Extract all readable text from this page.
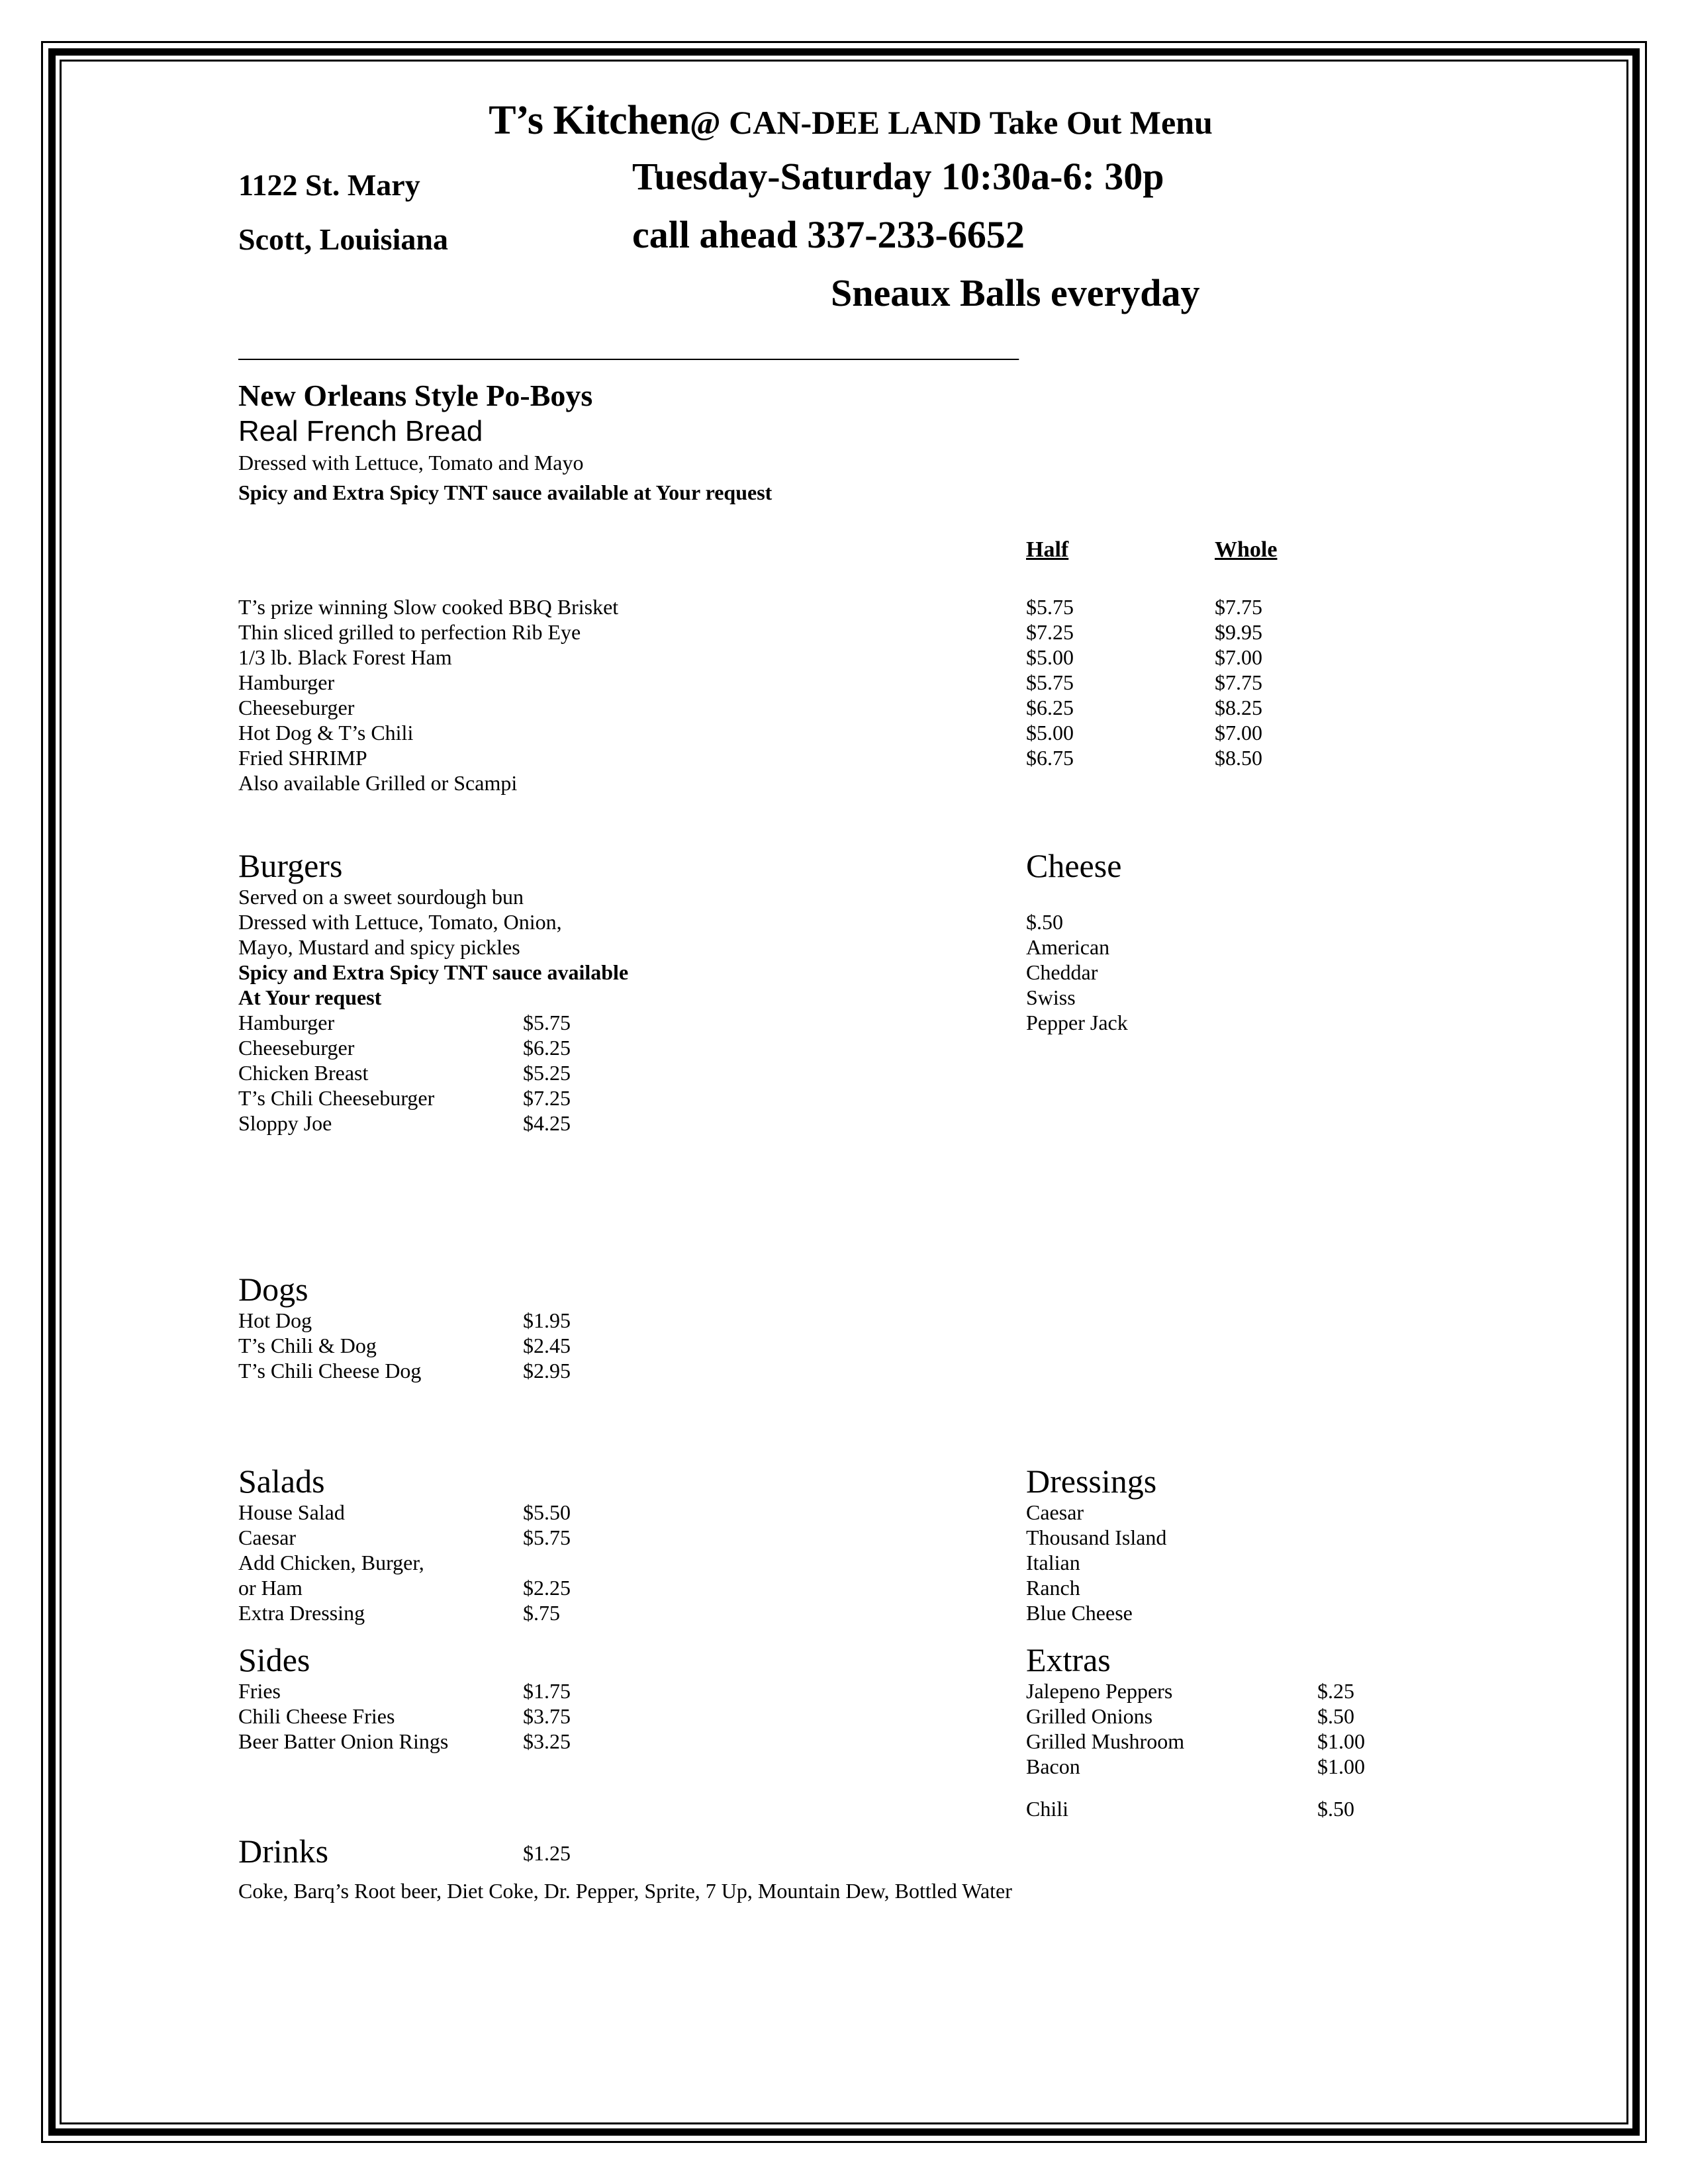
T’s Kitchen@ CAN-DEE LAND Take Out Menu
1122 St. Mary
Scott, Louisiana
Tuesday-Saturday 10:30a-6: 30p
call ahead 337-233-6652
Sneaux Balls everyday
______________________________________________________________
New Orleans Style Po-Boys
Real French Bread
Dressed with Lettuce, Tomato and Mayo
Spicy and Extra Spicy TNT sauce available at Your request
Half	Whole
T’s prize winning Slow cooked BBQ Brisket	$5.75	$7.75
Thin sliced grilled to perfection Rib Eye	$7.25	$9.95
1/3 lb. Black Forest Ham	$5.00	$7.00
Hamburger	$5.75	$7.75
Cheeseburger	$6.25	$8.25
Hot Dog & T’s Chili	$5.00	$7.00
Fried SHRIMP	$6.75	$8.50
Also available Grilled or Scampi
Burgers
Served on a sweet sourdough bun
Dressed with Lettuce, Tomato, Onion,
Mayo, Mustard and spicy pickles
Spicy and Extra Spicy TNT sauce available
At Your request
Hamburger	$5.75
Cheeseburger	$6.25
Chicken Breast	$5.25
T’s Chili Cheeseburger	$7.25
Sloppy Joe	$4.25
Cheese

$.50
American
Cheddar
Swiss
Pepper Jack
Dogs
Hot Dog	$1.95
T’s Chili & Dog	$2.45
T’s Chili Cheese Dog	$2.95
Salads
House Salad	$5.50
Caesar	$5.75
Add Chicken, Burger,
or Ham	$2.25
Extra Dressing	$.75
Dressings
Caesar
Thousand Island
Italian
Ranch
Blue Cheese
Sides
Fries	$1.75
Chili Cheese Fries	$3.75
Beer Batter Onion Rings	$3.25
Extras
Jalepeno Peppers	$.25
Grilled Onions	$.50
Grilled Mushroom	$1.00
Bacon	$1.00
Chili	$.50
Drinks	$1.25
Coke, Barq’s Root beer, Diet Coke, Dr. Pepper, Sprite, 7 Up, Mountain Dew, Bottled Water
